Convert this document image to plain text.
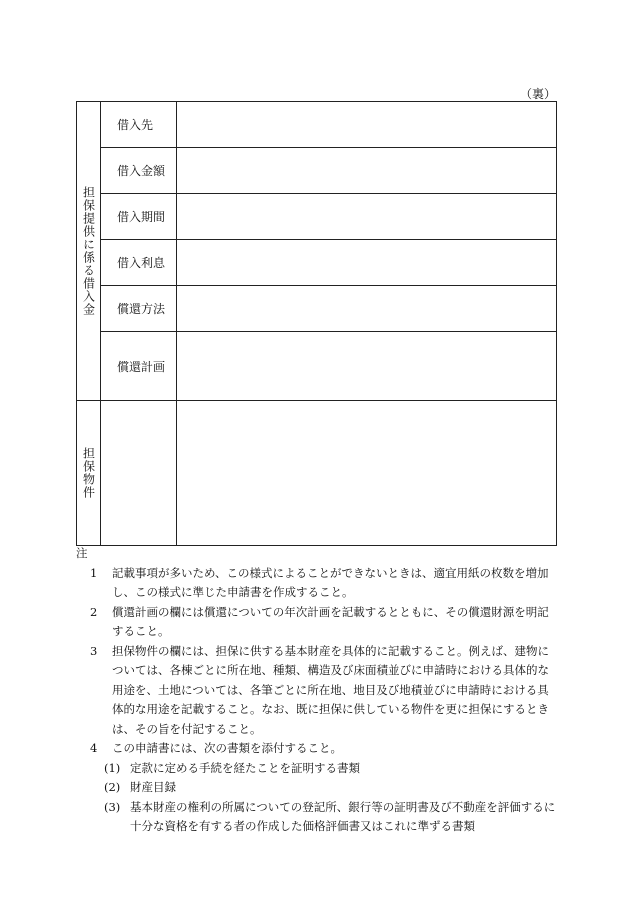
（裏）
担保提供に係る借入金	借入先	
	借入金額	
	借入期間	
	借入利息	
	償還方法	
	償還計画	

担保物件		

注

1	記載事項が多いため、この様式によることができないときは、適宜用紙の枚数を増加し、この様式に準じた申請書を作成すること。
2	償還計画の欄には償還についての年次計画を記載するとともに、その償還財源を明記すること。
3	担保物件の欄には、担保に供する基本財産を具体的に記載すること。例えば、建物については、各棟ごとに所在地、種類、構造及び床面積並びに申請時における具体的な用途を、土地については、各筆ごとに所在地、地目及び地積並びに申請時における具体的な用途を記載すること。なお、既に担保に供している物件を更に担保にするときは、その旨を付記すること。
4	この申請書には、次の書類を添付すること。
(1) 定款に定める手続を経たことを証明する書類
(2) 財産目録
(3) 基本財産の権利の所属についての登記所、銀行等の証明書及び不動産を評価するに十分な資格を有する者の作成した価格評価書又はこれに準ずる書類
